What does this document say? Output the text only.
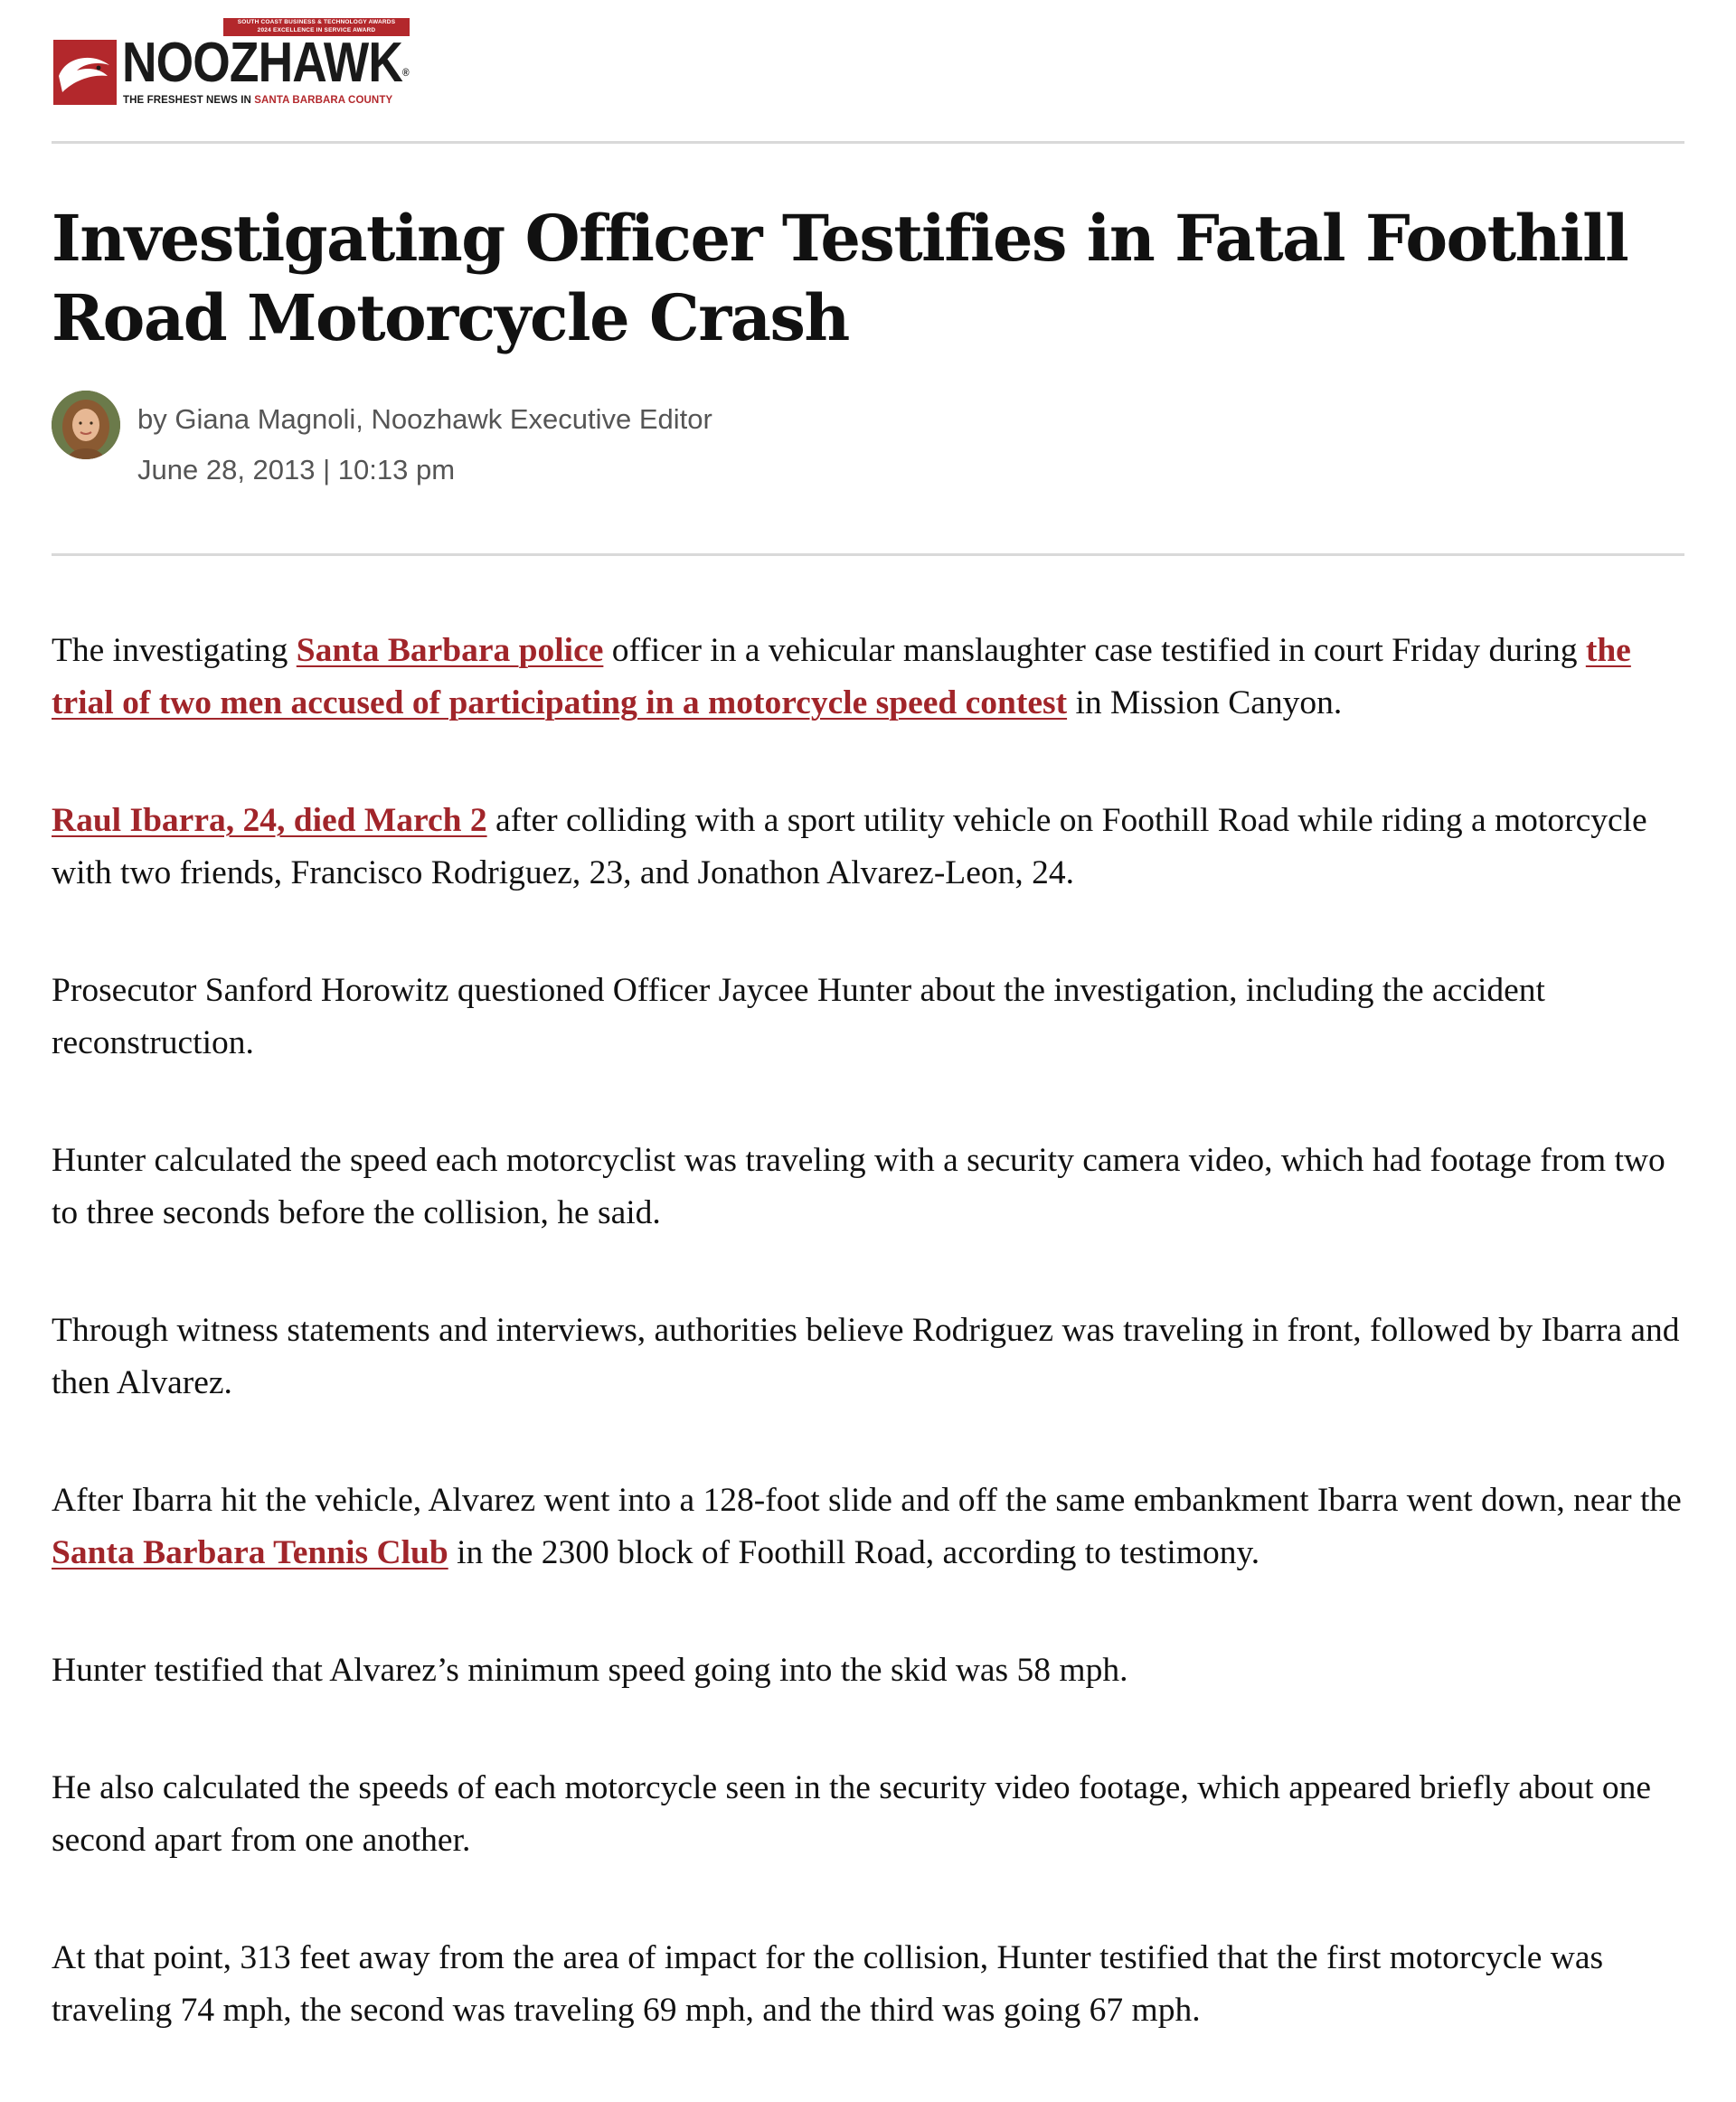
SOUTH COAST BUSINESS & TECHNOLOGY AWARDS
2024 EXCELLENCE IN SERVICE AWARD
NOOZHAWK®
THE FRESHEST NEWS IN SANTA BARBARA COUNTY
Investigating Officer Testifies in Fatal Foothill Road Motorcycle Crash
by Giana Magnoli, Noozhawk Executive Editor
June 28, 2013 | 10:13 pm

The investigating Santa Barbara police officer in a vehicular manslaughter case testified in court Friday during the trial of two men accused of participating in a motorcycle speed contest in Mission Canyon.

Raul Ibarra, 24, died March 2 after colliding with a sport utility vehicle on Foothill Road while riding a motorcycle with two friends, Francisco Rodriguez, 23, and Jonathon Alvarez-Leon, 24.

Prosecutor Sanford Horowitz questioned Officer Jaycee Hunter about the investigation, including the accident reconstruction.

Hunter calculated the speed each motorcyclist was traveling with a security camera video, which had footage from two to three seconds before the collision, he said.

Through witness statements and interviews, authorities believe Rodriguez was traveling in front, followed by Ibarra and then Alvarez.

After Ibarra hit the vehicle, Alvarez went into a 128-foot slide and off the same embankment Ibarra went down, near the Santa Barbara Tennis Club in the 2300 block of Foothill Road, according to testimony.

Hunter testified that Alvarez’s minimum speed going into the skid was 58 mph.

He also calculated the speeds of each motorcycle seen in the security video footage, which appeared briefly about one second apart from one another.

At that point, 313 feet away from the area of impact for the collision, Hunter testified that the first motorcycle was traveling 74 mph, the second was traveling 69 mph, and the third was going 67 mph.
